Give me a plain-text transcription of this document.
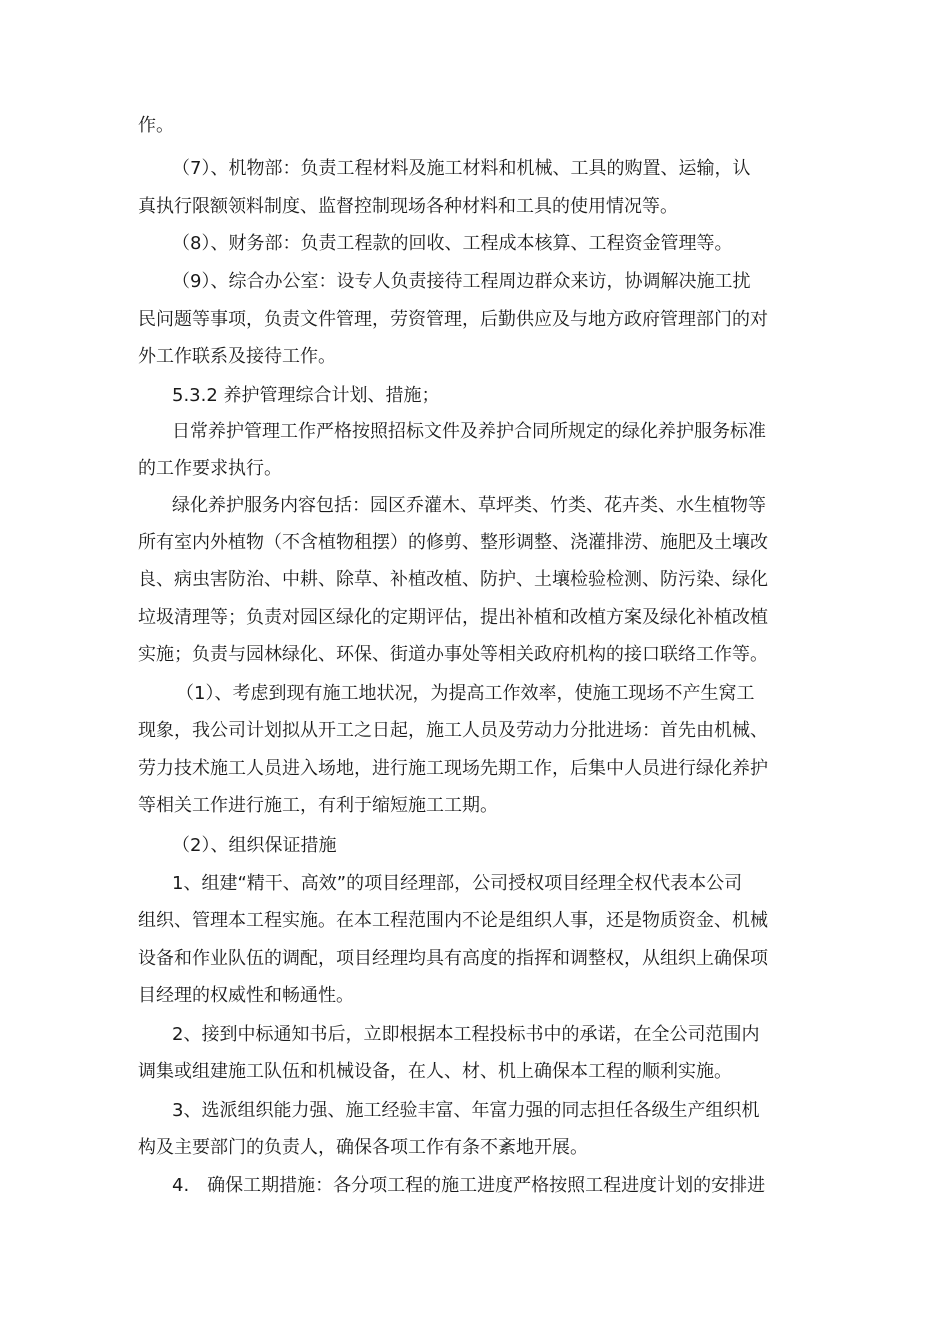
作。

（7）、机物部：负责工程材料及施工材料和机械、工具的购置、运输，认

真执行限额领料制度、监督控制现场各种材料和工具的使用情况等。

（8）、财务部：负责工程款的回收、工程成本核算、工程资金管理等。

（9）、综合办公室：设专人负责接待工程周边群众来访，协调解决施工扰

民问题等事项，负责文件管理，劳资管理，后勤供应及与地方政府管理部门的对

外工作联系及接待工作。

5.3.2 养护管理综合计划、措施；

日常养护管理工作严格按照招标文件及养护合同所规定的绿化养护服务标准

的工作要求执行。

绿化养护服务内容包括：园区乔灌木、草坪类、竹类、花卉类、水生植物等

所有室内外植物（不含植物租摆）的修剪、整形调整、浇灌排涝、施肥及土壤改

良、病虫害防治、中耕、除草、补植改植、防护、土壤检验检测、防污染、绿化

垃圾清理等；负责对园区绿化的定期评估，提出补植和改植方案及绿化补植改植

实施；负责与园林绿化、环保、街道办事处等相关政府机构的接口联络工作等。

（1）、考虑到现有施工地状况，为提高工作效率，使施工现场不产生窝工

现象，我公司计划拟从开工之日起，施工人员及劳动力分批进场：首先由机械、

劳力技术施工人员进入场地，进行施工现场先期工作，后集中人员进行绿化养护

等相关工作进行施工，有利于缩短施工工期。

（2）、组织保证措施

1、组建“精干、高效”的项目经理部，公司授权项目经理全权代表本公司

组织、管理本工程实施。在本工程范围内不论是组织人事，还是物质资金、机械

设备和作业队伍的调配，项目经理均具有高度的指挥和调整权，从组织上确保项

目经理的权威性和畅通性。

2、接到中标通知书后，立即根据本工程投标书中的承诺，在全公司范围内

调集或组建施工队伍和机械设备，在人、材、机上确保本工程的顺利实施。

3、选派组织能力强、施工经验丰富、年富力强的同志担任各级生产组织机

构及主要部门的负责人，确保各项工作有条不紊地开展。

4.　确保工期措施：各分项工程的施工进度严格按照工程进度计划的安排进
